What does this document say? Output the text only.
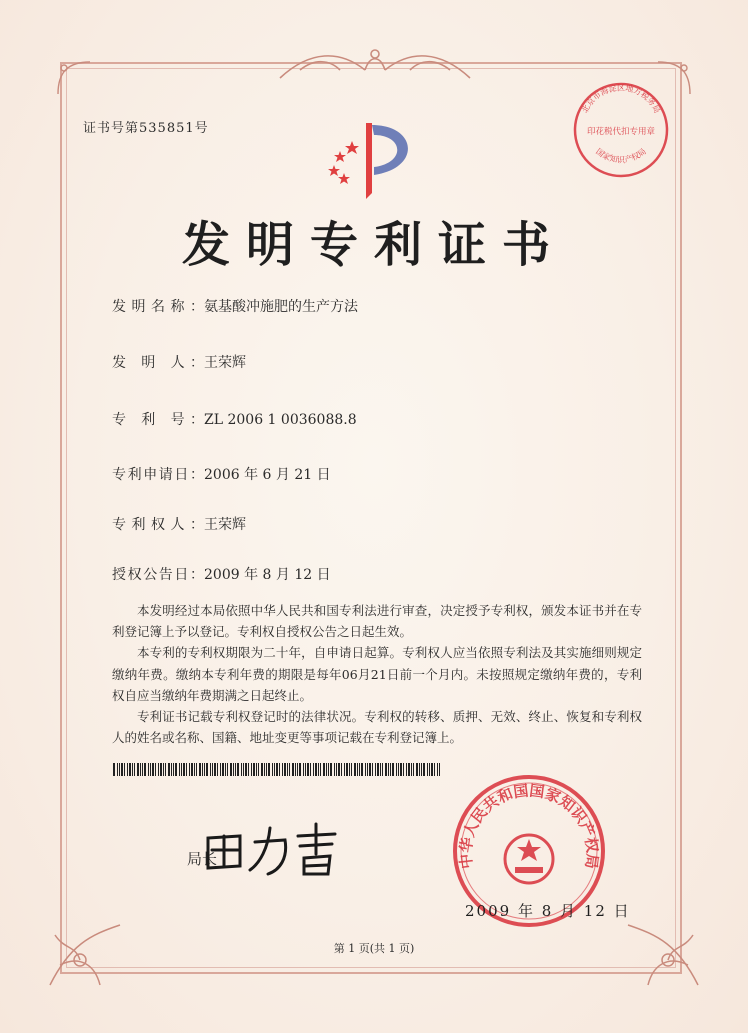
证书号第535851号
发明专利证书
发明名称：氨基酸冲施肥的生产方法
发 明 人：王荣辉
专 利 号：ZL 2006 1 0036088.8
专利申请日：2006 年 6 月 21 日
专利权人：王荣辉
授权公告日：2009 年 8 月 12 日

本发明经过本局依照中华人民共和国专利法进行审查，决定授予专利权，颁发本证书并在专利登记簿上予以登记。专利权自授权公告之日起生效。

本专利的专利权期限为二十年，自申请日起算。专利权人应当依照专利法及其实施细则规定缴纳年费。缴纳本专利年费的期限是每年06月21日前一个月内。未按照规定缴纳年费的，专利权自应当缴纳年费期满之日起终止。

专利证书记载专利权登记时的法律状况。专利权的转移、质押、无效、终止、恢复和专利权人的姓名或名称、国籍、地址变更等事项记载在专利登记簿上。

局长	中华人民共和国国家知识产权局
2009 年 8 月 12 日
北京市海淀区地方税务局
国家知识产权局
印花税代扣专用章
第 1 页(共 1 页)
